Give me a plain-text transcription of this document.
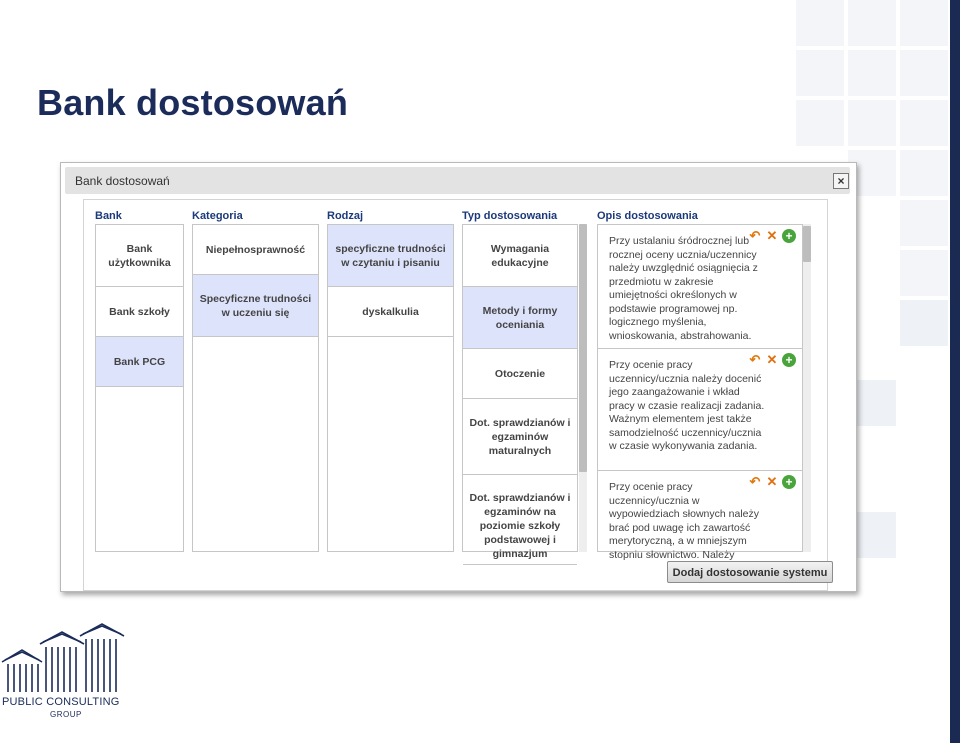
Bank dostosowań
Bank dostosowań	×
Bank	Kategoria	Rodzaj	Typ dostosowania	Opis dostosowania
Bank użytkownika
Bank szkoły
Bank PCG
Niepełnosprawność
Specyficzne trudności w uczeniu się
specyficzne trudności w czytaniu i pisaniu
dyskalkulia
Wymagania edukacyjne
Metody i formy oceniania
Otoczenie
Dot. sprawdzianów i egzaminów maturalnych
Dot. sprawdzianów i egzaminów na poziomie szkoły podstawowej i gimnazjum
↶ ✕ +
Przy ustalaniu śródrocznej lub rocznej oceny ucznia/uczennicy należy uwzględnić osiągnięcia z przedmiotu w zakresie umiejętności określonych w podstawie programowej np. logicznego myślenia, wnioskowania, abstrahowania.
↶ ✕ +
Przy ocenie pracy uczennicy/ucznia należy docenić jego zaangażowanie i wkład pracy w czasie realizacji zadania. Ważnym elementem jest także samodzielność uczennicy/ucznia w czasie wykonywania zadania.
↶ ✕ +
Przy ocenie pracy uczennicy/ucznia w wypowiedziach słownych należy brać pod uwagę ich zawartość merytoryczną, a w mniejszym stopniu słownictwo. Należy
Dodaj dostosowanie systemu
PUBLIC CONSULTING
GROUP
